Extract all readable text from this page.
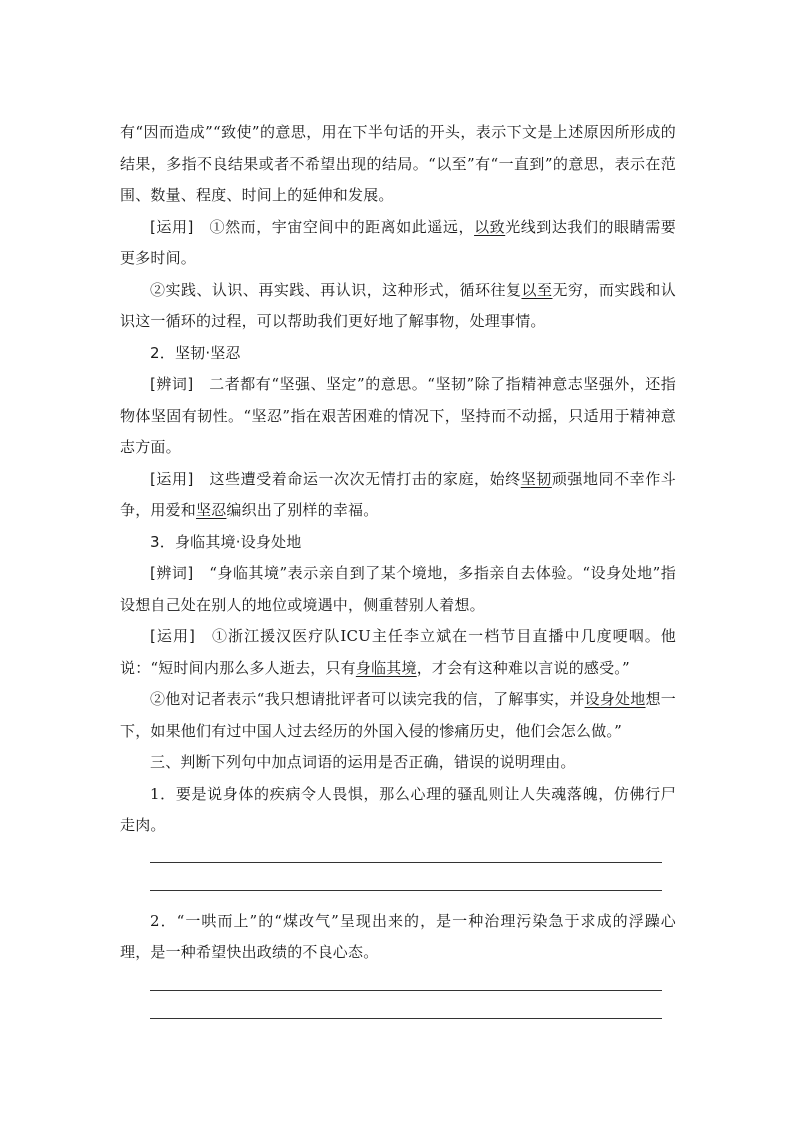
有“因而造成”“致使”的意思，用在下半句话的开头，表示下文是上述原因所形成的结果，多指不良结果或者不希望出现的结局。“以至”有“一直到”的意思，表示在范围、数量、程度、时间上的延伸和发展。

[运用]　①然而，宇宙空间中的距离如此遥远，以致光线到达我们的眼睛需要更多时间。

②实践、认识、再实践、再认识，这种形式，循环往复以至无穷，而实践和认识这一循环的过程，可以帮助我们更好地了解事物，处理事情。

2．坚韧·坚忍

[辨词]　二者都有“坚强、坚定”的意思。“坚韧”除了指精神意志坚强外，还指物体坚固有韧性。“坚忍”指在艰苦困难的情况下，坚持而不动摇，只适用于精神意志方面。

[运用]　这些遭受着命运一次次无情打击的家庭，始终坚韧顽强地同不幸作斗争，用爱和坚忍编织出了别样的幸福。

3．身临其境·设身处地

[辨词]　“身临其境”表示亲自到了某个境地，多指亲自去体验。“设身处地”指设想自己处在别人的地位或境遇中，侧重替别人着想。

[运用]　①浙江援汉医疗队ICU主任李立斌在一档节目直播中几度哽咽。他说：“短时间内那么多人逝去，只有身临其境，才会有这种难以言说的感受。”

②他对记者表示“我只想请批评者可以读完我的信，了解事实，并设身处地想一下，如果他们有过中国人过去经历的外国入侵的惨痛历史，他们会怎么做。”

三、判断下列句中加点词语的运用是否正确，错误的说明理由。

1．要是说身体的疾病令人畏惧，那么心理的骚乱则让人失魂落魄，仿佛行尸走肉。

2．“一哄而上”的“煤改气”呈现出来的，是一种治理污染急于求成的浮躁心理，是一种希望快出政绩的不良心态。
